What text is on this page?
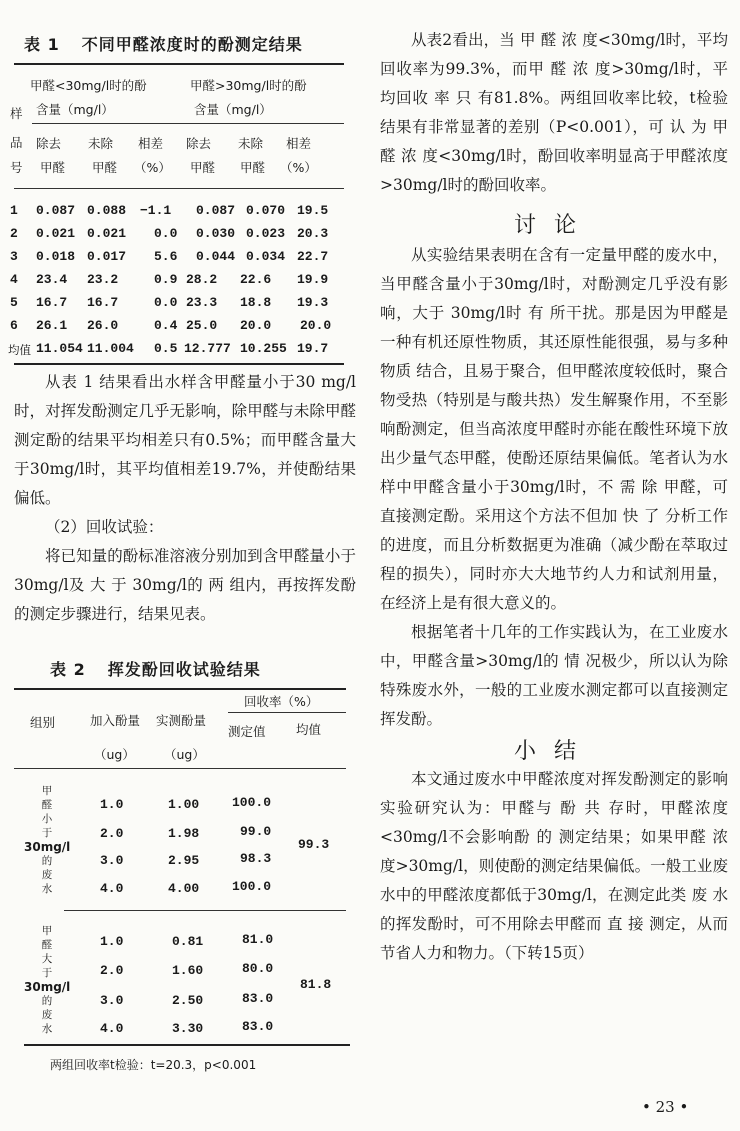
表 1 不同甲醛浓度时的酚测定结果
样
品
号
甲醛<30mg/l时的酚
含量（mg/l）
甲醛>30mg/l时的酚
含量（mg/l）
除去 未除 相差 除去 未除 相差
甲醛 甲醛 （%） 甲醛 甲醛 （%）
1 0.087 0.088 −1.1 0.087 0.070 19.5
2 0.021 0.021 0.0 0.030 0.023 20.3
3 0.018 0.017 5.6 0.044 0.034 22.7
4 23.4 23.2	0.9 28.2 22.6 19.9
5 16.7 16.7	0.0 23.3 18.8 19.3
6 26.1 26.0	0.4 25.0 20.0 20.0
均值 11.054 11.004 0.5 12.777 10.255 19.7

从表 1 结果看出水样含甲醛量小于30 mg/l时，对挥发酚测定几乎无影响，除甲醛与未除甲醛测定酚的结果平均相差只有0.5%；而甲醛含量大于30mg/l时，其平均值相差19.7%，并使酚结果偏低。

（2）回收试验：

将已知量的酚标准溶液分别加到含甲醛量小于30mg/l及 大 于 30mg/l的 两 组内，再按挥发酚的测定步骤进行，结果见表。

表 2 挥发酚回收试验结果
组别	加入酚量
（ug）
实测酚量
（ug）
回收率（%）
测定值 均值
甲
醛
小
于
30mg/l
的
废
水
1.0	1.00	100.0
2.0	1.98	99.0
3.0	2.95	98.3
4.0	4.00	100.0
99.3
甲
醛
大
于
30mg/l
的
废
水
1.0	0.81	81.0
2.0	1.60	80.0
3.0	2.50	83.0
4.0	3.30	83.0
81.8
两组回收率t检验：t=20.3，p<0.001

从表2看出，当 甲 醛 浓 度<30mg/l时，平均回收率为99.3%，而甲 醛 浓 度>30mg/l时，平均回收 率 只 有81.8%。两组回收率比较，t检验结果有非常显著的差别（P<0.001），可 认 为 甲 醛 浓 度<30mg/l时，酚回收率明显高于甲醛浓度>30mg/l时的酚回收率。

讨论

从实验结果表明在含有一定量甲醛的废水中，当甲醛含量小于30mg/l时，对酚测定几乎没有影响，大于 30mg/l时 有 所干扰。那是因为甲醛是一种有机还原性物质，其还原性能很强，易与多种 物质 结合，且易于聚合，但甲醛浓度较低时，聚合物受热（特别是与酸共热）发生解聚作用，不至影响酚测定，但当高浓度甲醛时亦能在酸性环境下放出少量气态甲醛，使酚还原结果偏低。笔者认为水样中甲醛含量小于30mg/l时，不 需 除 甲醛，可直接测定酚。采用这个方法不但加 快 了 分析工作的进度，而且分析数据更为准确（减少酚在萃取过程的损失），同时亦大大地节约人力和试剂用量，在经济上是有很大意义的。

根据笔者十几年的工作实践认为，在工业废水中，甲醛含量>30mg/l的 情 况极少，所以认为除特殊废水外，一般的工业废水测定都可以直接测定挥发酚。

小结

本文通过废水中甲醛浓度对挥发酚测定的影响实验研究认为：甲醛与 酚 共 存时，甲醛浓度<30mg/l不会影响酚 的 测定结果；如果甲醛 浓 度>30mg/l，则使酚的测定结果偏低。一般工业废水中的甲醛浓度都低于30mg/l，在测定此类 废 水的挥发酚时，可不用除去甲醛而 直 接 测定，从而节省人力和物力。（下转15页）

• 23 •
